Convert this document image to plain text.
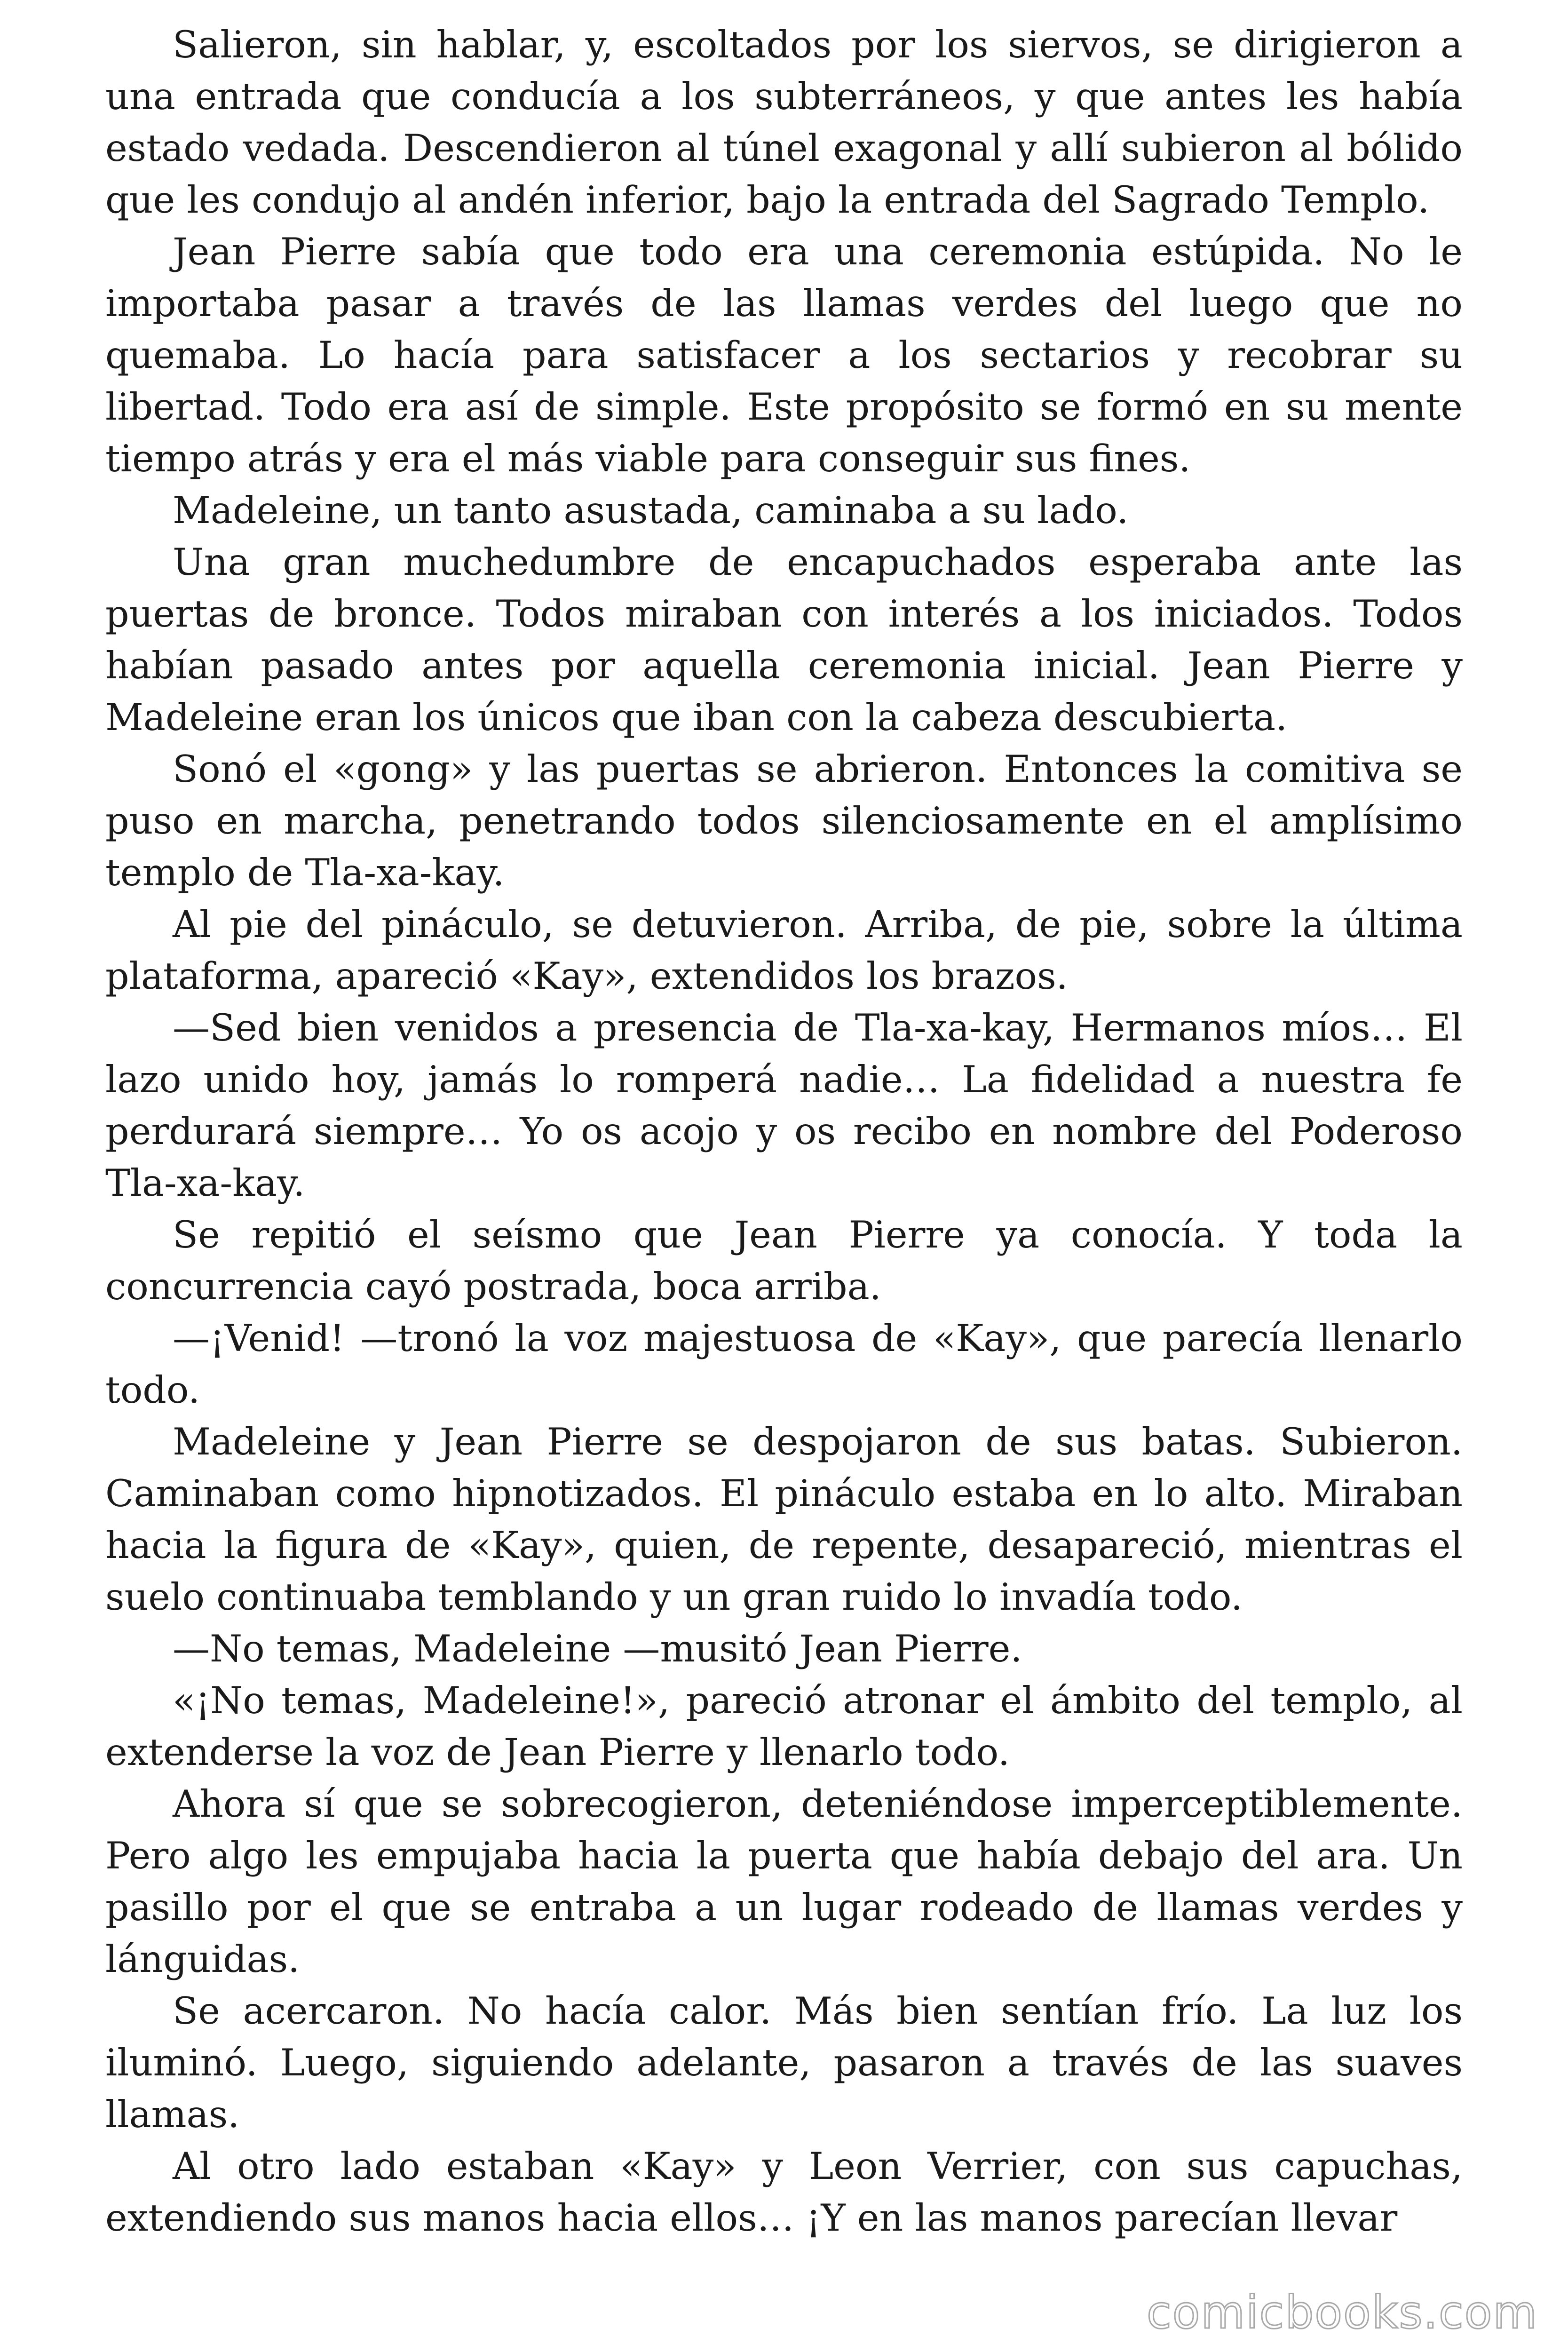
Salieron, sin hablar, y, escoltados por los siervos, se dirigieron a una entrada que conducía a los subterráneos, y que antes les había estado vedada. Descendieron al túnel exagonal y allí subieron al bólido que les condujo al andén inferior, bajo la entrada del Sagrado Templo.

Jean Pierre sabía que todo era una ceremonia estúpida. No le importaba pasar a través de las llamas verdes del luego que no quemaba. Lo hacía para satisfacer a los sectarios y recobrar su libertad. Todo era así de simple. Este propósito se formó en su mente tiempo atrás y era el más viable para conseguir sus fines.

Madeleine, un tanto asustada, caminaba a su lado.

Una gran muchedumbre de encapuchados esperaba ante las puertas de bronce. Todos miraban con interés a los iniciados. Todos habían pasado antes por aquella ceremonia inicial. Jean Pierre y Madeleine eran los únicos que iban con la cabeza descubierta.

Sonó el «gong» y las puertas se abrieron. Entonces la comitiva se puso en marcha, penetrando todos silenciosamente en el amplísimo templo de Tla-xa-kay.

Al pie del pináculo, se detuvieron. Arriba, de pie, sobre la última plataforma, apareció «Kay», extendidos los brazos.

—Sed bien venidos a presencia de Tla-xa-kay, Hermanos míos… El lazo unido hoy, jamás lo romperá nadie… La fidelidad a nuestra fe perdurará siempre… Yo os acojo y os recibo en nombre del Poderoso Tla-xa-kay.

Se repitió el seísmo que Jean Pierre ya conocía. Y toda la concurrencia cayó postrada, boca arriba.

—¡Venid! —tronó la voz majestuosa de «Kay», que parecía llenarlo todo.

Madeleine y Jean Pierre se despojaron de sus batas. Subieron. Caminaban como hipnotizados. El pináculo estaba en lo alto. Miraban hacia la figura de «Kay», quien, de repente, desapareció, mientras el suelo continuaba temblando y un gran ruido lo invadía todo.

—No temas, Madeleine —musitó Jean Pierre.

«¡No temas, Madeleine!», pareció atronar el ámbito del templo, al extenderse la voz de Jean Pierre y llenarlo todo.

Ahora sí que se sobrecogieron, deteniéndose imperceptiblemente. Pero algo les empujaba hacia la puerta que había debajo del ara. Un pasillo por el que se entraba a un lugar rodeado de llamas verdes y lánguidas.

Se acercaron. No hacía calor. Más bien sentían frío. La luz los iluminó. Luego, siguiendo adelante, pasaron a través de las suaves llamas.

Al otro lado estaban «Kay» y Leon Verrier, con sus capuchas, extendiendo sus manos hacia ellos… ¡Y en las manos parecían llevar

comicbooks.com
